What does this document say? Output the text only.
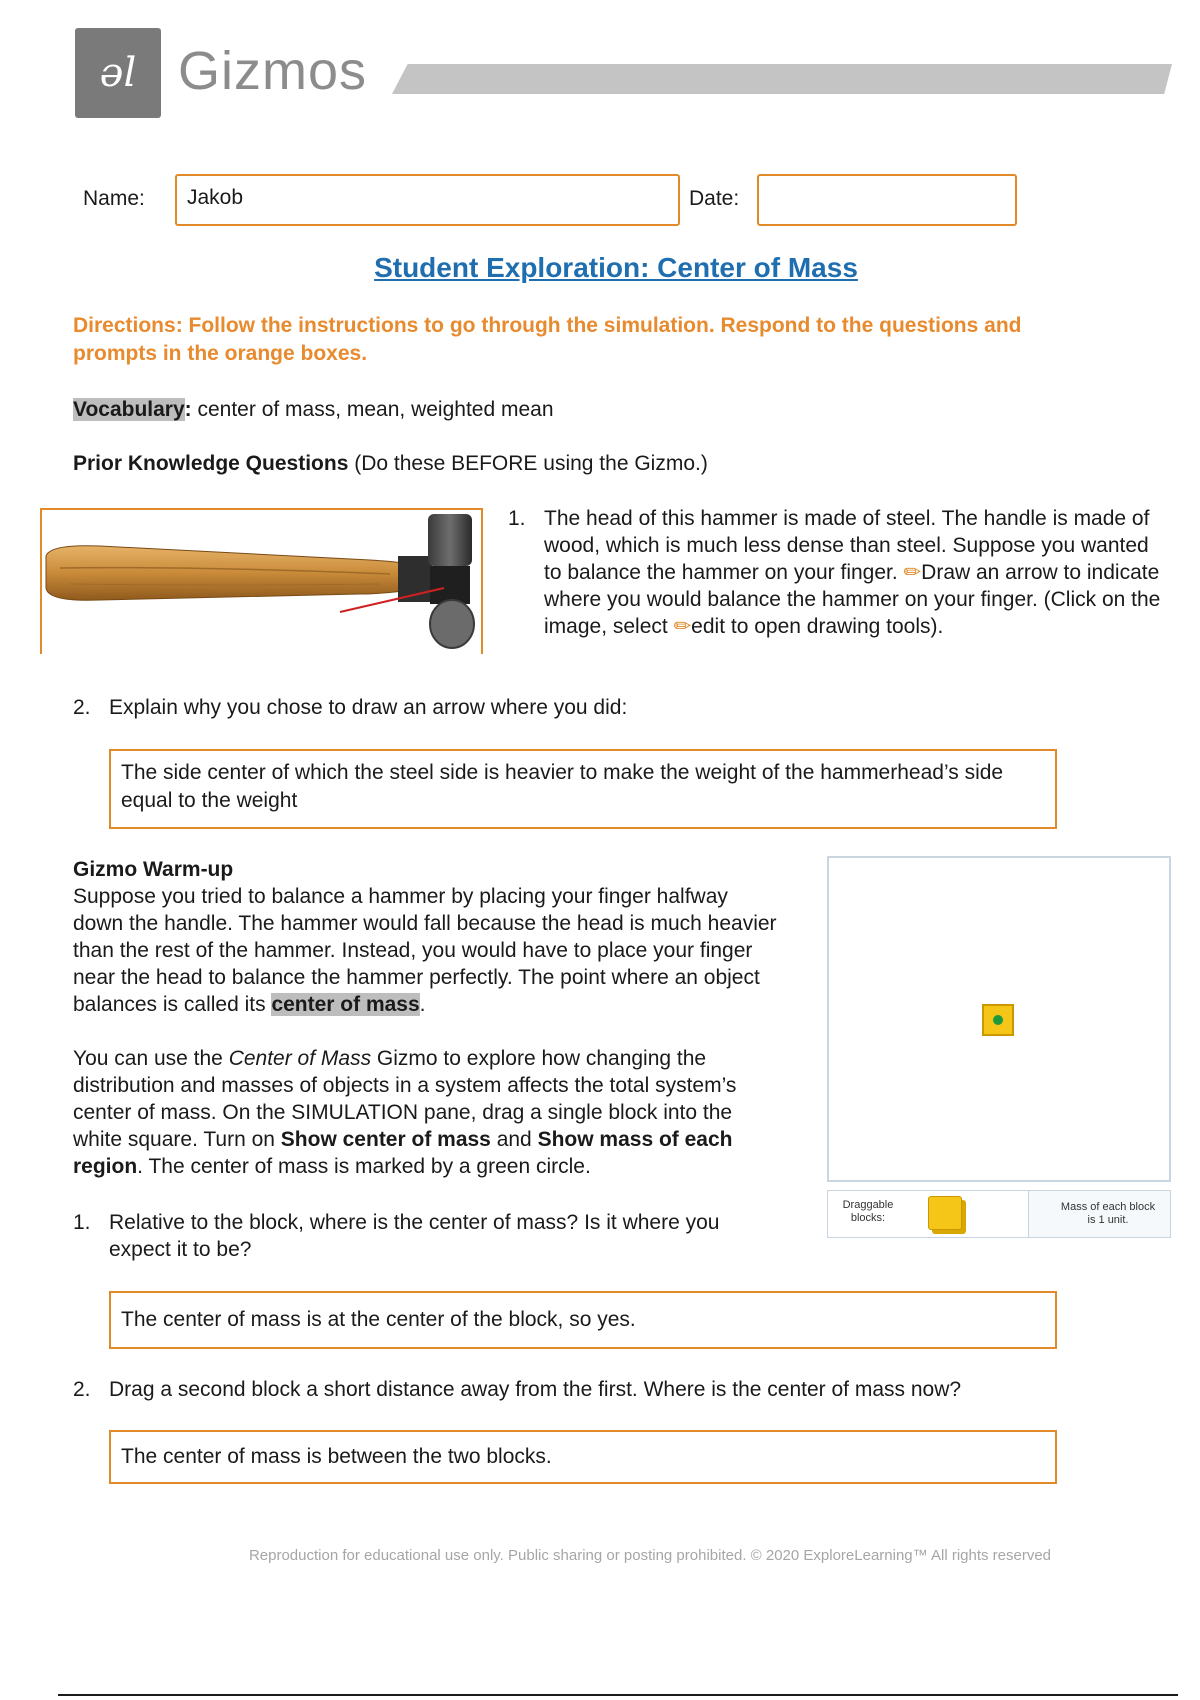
ǝl Gizmos
Name:	Jakob	Date:
Student Exploration: Center of Mass
Directions: Follow the instructions to go through the simulation. Respond to the questions and prompts in the orange boxes.
Vocabulary: center of mass, mean, weighted mean
Prior Knowledge Questions (Do these BEFORE using the Gizmo.)
1. The head of this hammer is made of steel. The handle is made of wood, which is much less dense than steel. Suppose you wanted to balance the hammer on your finger. ✏Draw an arrow to indicate where you would balance the hammer on your finger. (Click on the image, select ✏edit to open drawing tools).
2. Explain why you chose to draw an arrow where you did:
The side center of which the steel side is heavier to make the weight of the hammerhead’s side equal to the weight
Gizmo Warm-up
Suppose you tried to balance a hammer by placing your finger halfway down the handle. The hammer would fall because the head is much heavier than the rest of the hammer. Instead, you would have to place your finger near the head to balance the hammer perfectly. The point where an object balances is called its center of mass.
You can use the Center of Mass Gizmo to explore how changing the distribution and masses of objects in a system affects the total system’s center of mass. On the SIMULATION pane, drag a single block into the white square. Turn on Show center of mass and Show mass of each region. The center of mass is marked by a green circle.
Draggable blocks:
Mass of each block is 1 unit.
1. Relative to the block, where is the center of mass? Is it where you expect it to be?
The center of mass is at the center of the block, so yes.
2. Drag a second block a short distance away from the first. Where is the center of mass now?
The center of mass is between the two blocks.
Reproduction for educational use only. Public sharing or posting prohibited. © 2020 ExploreLearning™ All rights reserved
